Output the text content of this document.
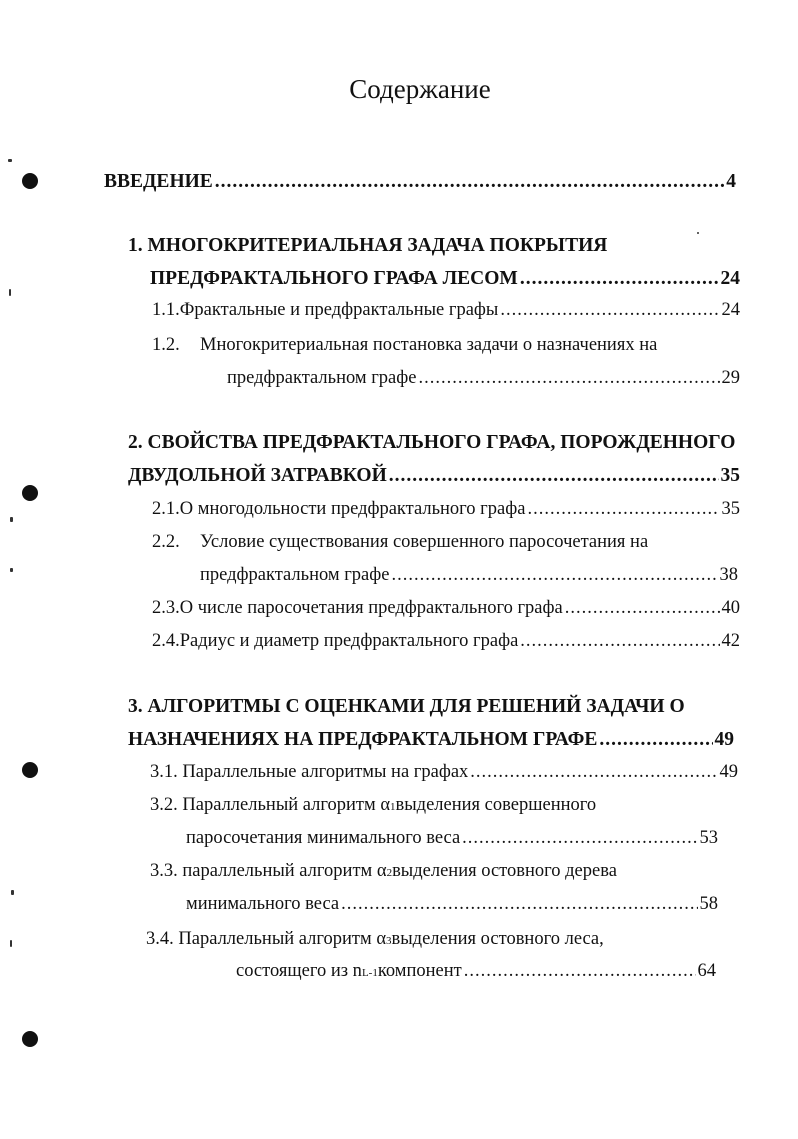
Содержание
ВВЕДЕНИЕ .....	4
1. МНОГОКРИТЕРИАЛЬНАЯ ЗАДАЧА ПОКРЫТИЯ
ПРЕДФРАКТАЛЬНОГО ГРАФА ЛЕСОМ .....	24
1.1. Фрактальные и предфрактальные графы .....	24
1.2.	Многокритериальная постановка задачи о назначениях на
предфрактальном графе .....	29
2. СВОЙСТВА ПРЕДФРАКТАЛЬНОГО ГРАФА, ПОРОЖДЕННОГО
ДВУДОЛЬНОЙ ЗАТРАВКОЙ .....	35
2.1. О многодольности предфрактального графа .....	35
2.2.	Условие существования совершенного паросочетания на
предфрактальном графе .....	38
2.3. О числе паросочетания предфрактального графа .....	40
2.4. Радиус и диаметр предфрактального графа .....	42
3. АЛГОРИТМЫ С ОЦЕНКАМИ ДЛЯ РЕШЕНИЙ ЗАДАЧИ О
НАЗНАЧЕНИЯХ НА ПРЕДФРАКТАЛЬНОМ ГРАФЕ .....	49
3.1. Параллельные алгоритмы на графах .....	49
3.2. Параллельный алгоритм α 1 выделения совершенного
паросочетания минимального веса .....	53
3.3. параллельный алгоритм α 2 выделения остовного дерева
минимального веса .....	58
3.4. Параллельный алгоритм α 3 выделения остовного леса,
состоящего из n L-1 компонент .....	64
